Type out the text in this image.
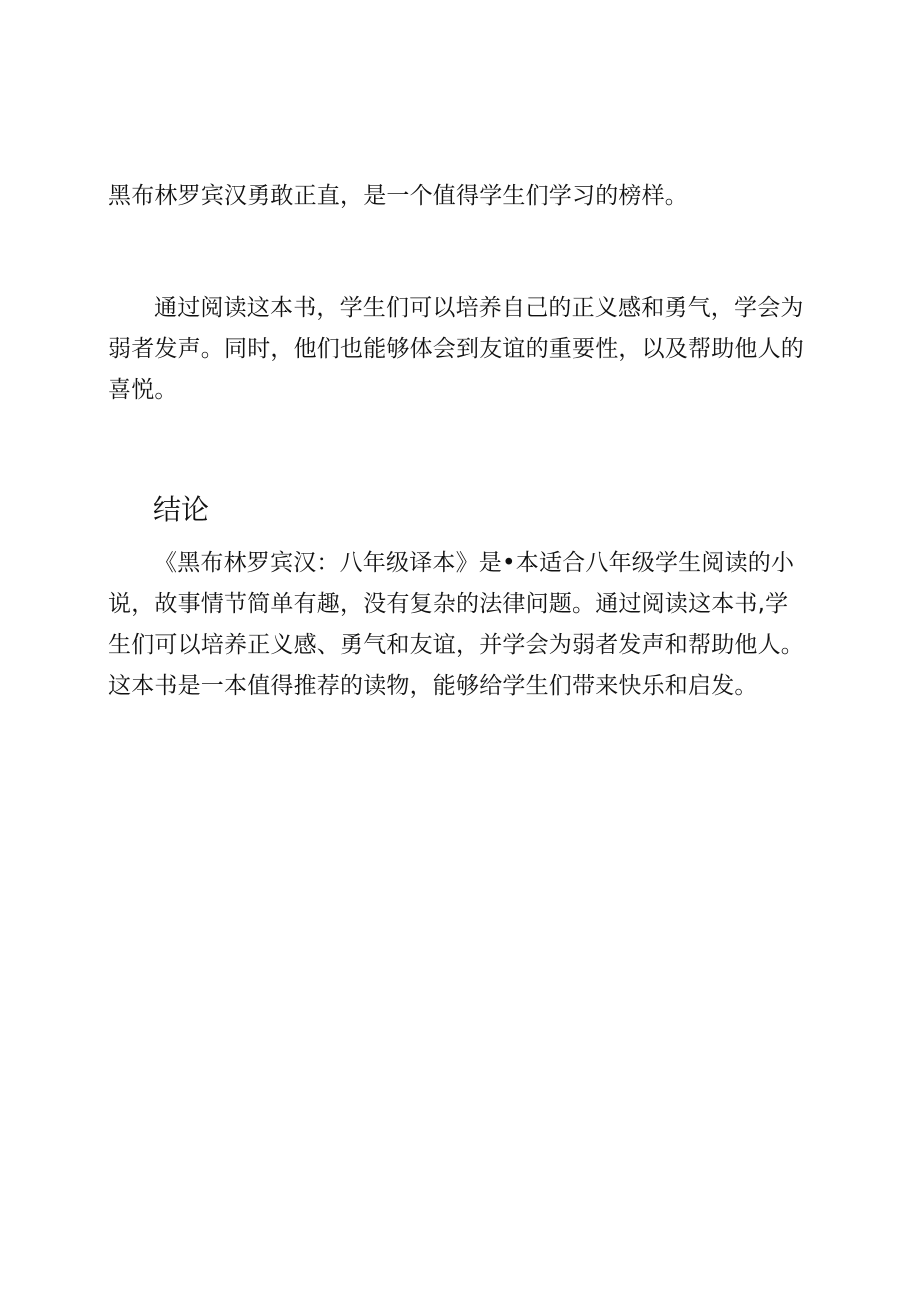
黑布林罗宾汉勇敢正直，是一个值得学生们学习的榜样。

通过阅读这本书，学生们可以培养自己的正义感和勇气，学会为弱者发声。同时，他们也能够体会到友谊的重要性，以及帮助他人的喜悦。

结论

《黑布林罗宾汉：八年级译本》是•本适合八年级学生阅读的小说，故事情节简单有趣，没有复杂的法律问题。通过阅读这本书,学生们可以培养正义感、勇气和友谊，并学会为弱者发声和帮助他人。这本书是一本值得推荐的读物，能够给学生们带来快乐和启发。
